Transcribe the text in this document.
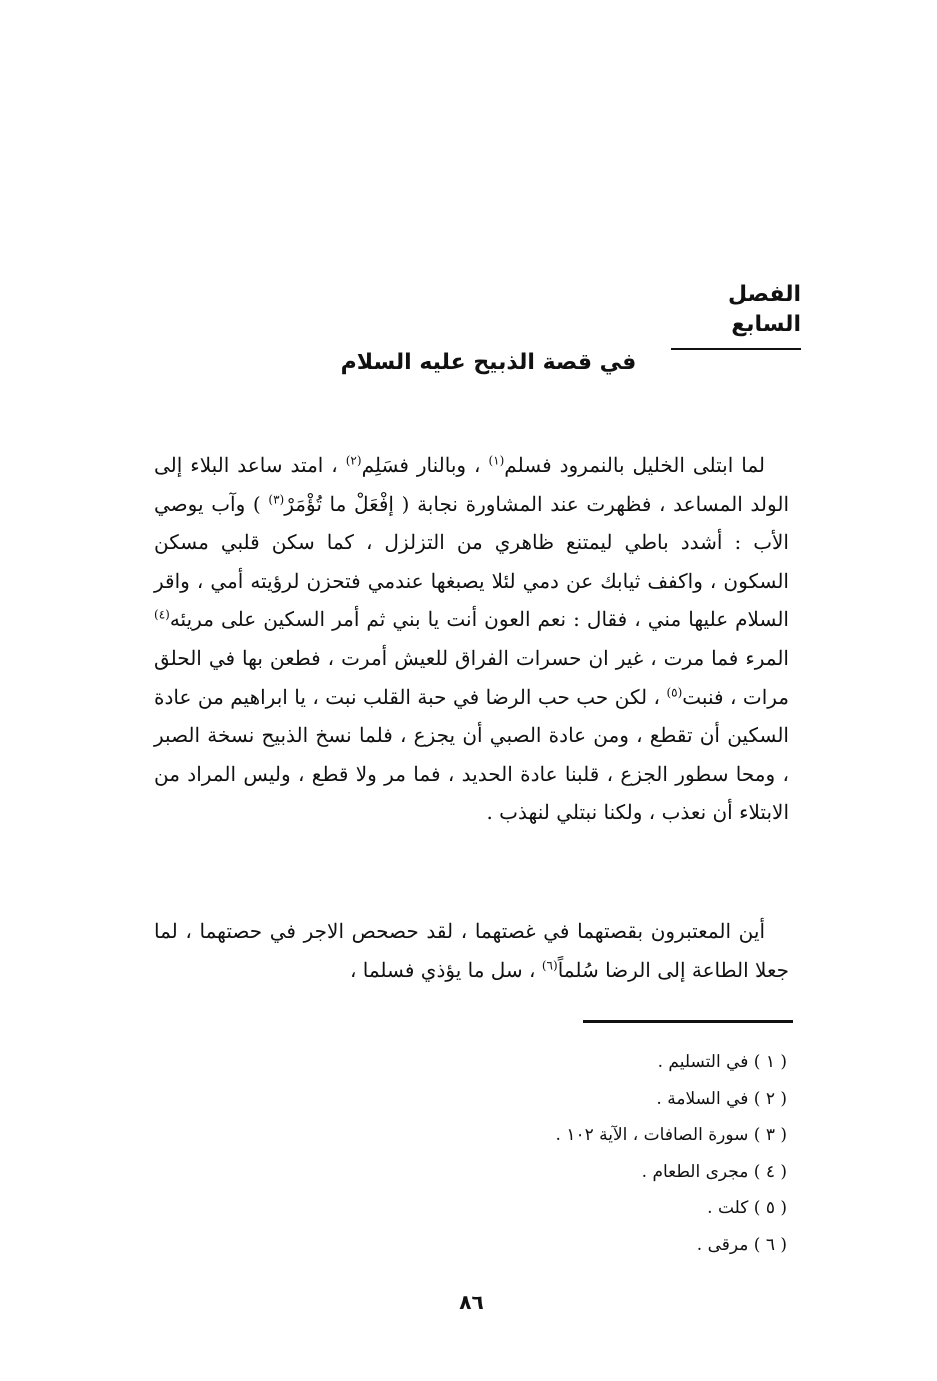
الفصل السابع
في قصة الذبيح عليه السلام

لما ابتلى الخليل بالنمرود فسلم$^{(١)}$ ، وبالنار فسَلِم$^{(٢)}$ ، امتد ساعد البلاء إلى الولد المساعد ، فظهرت عند المشاورة نجابة ( إفْعَلْ ما تُؤْمَرْ$^{(٣)}$ ) وآب يوصي الأب : أشدد باطي ليمتنع ظاهري من التزلزل ، كما سكن قلبي مسكن السكون ، واكفف ثيابك عن دمي لئلا يصبغها عندمي فتحزن لرؤيته أمي ، واقر السلام عليها مني ، فقال : نعم العون أنت يا بني ثم أمر السكين على مريئه$^{(٤)}$ المرء فما مرت ، غير ان حسرات الفراق للعيش أمرت ، فطعن بها في الحلق مرات ، فنبت$^{(٥)}$ ، لكن حب حب الرضا في حبة القلب نبت ، يا ابراهيم من عادة السكين أن تقطع ، ومن عادة الصبي أن يجزع ، فلما نسخ الذبيح نسخة الصبر ، ومحا سطور الجزع ، قلبنا عادة الحديد ، فما مر ولا قطع ، وليس المراد من الابتلاء أن نعذب ، ولكنا نبتلي لنهذب .

أين المعتبرون بقصتهما في غصتهما ، لقد حصحص الاجر في حصتهما ، لما جعلا الطاعة إلى الرضا سُلماً$^{(٦)}$ ، سل ما يؤذي فسلما ،

( ١ ) في التسليم .
( ٢ ) في السلامة .
( ٣ ) سورة الصافات ، الآية ١٠٢ .
( ٤ ) مجرى الطعام .
( ٥ ) كلت .
( ٦ ) مرقى .
٨٦
